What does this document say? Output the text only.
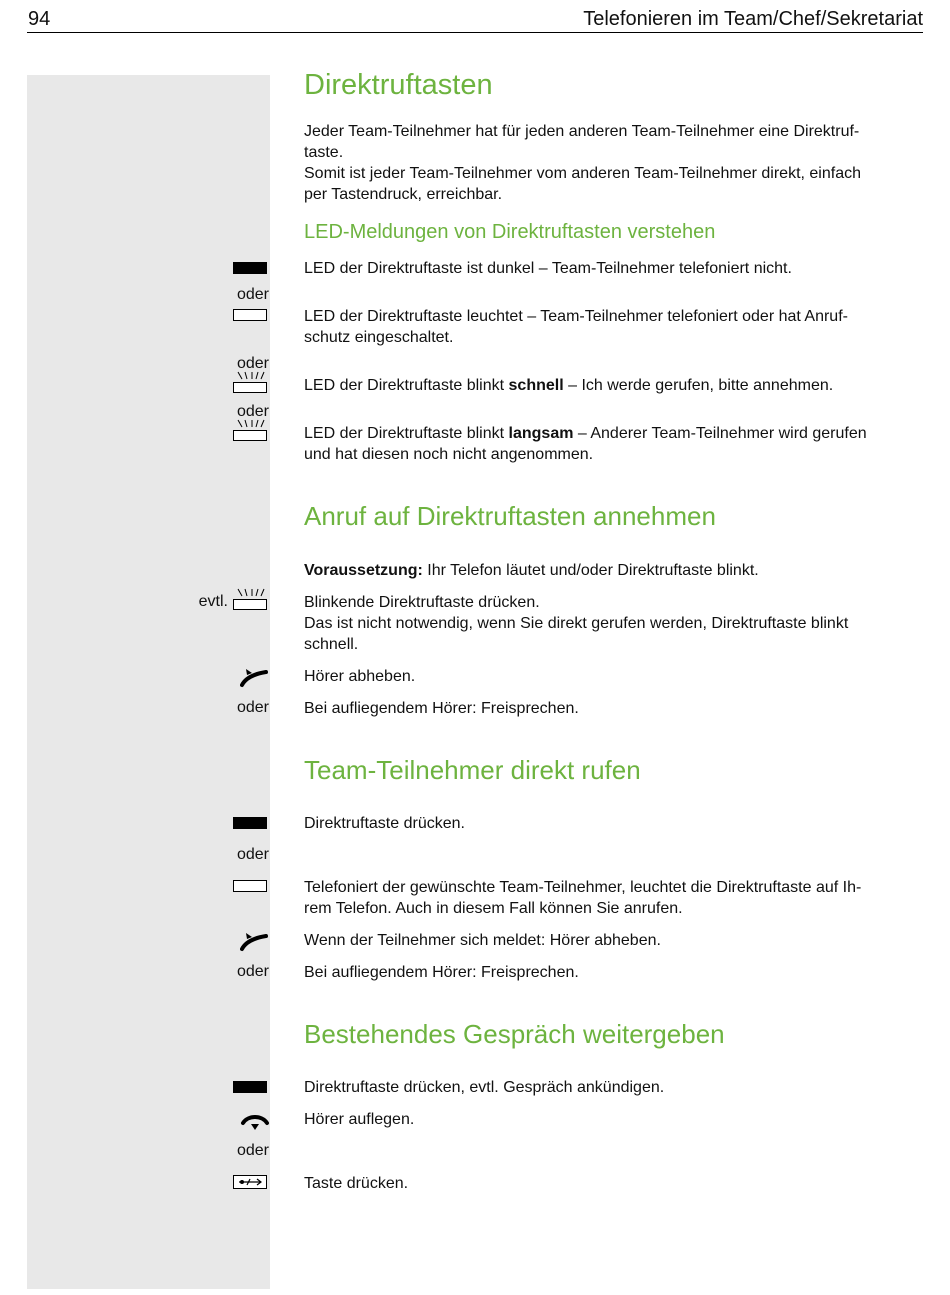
94	Telefonieren im Team/Chef/Sekretariat
Direktruftasten
Jeder Team-Teilnehmer hat für jeden anderen Team-Teilnehmer eine Direktruf-
taste.
Somit ist jeder Team-Teilnehmer vom anderen Team-Teilnehmer direkt, einfach
per Tastendruck, erreichbar.
LED-Meldungen von Direktruftasten verstehen
LED der Direktruftaste ist dunkel – Team-Teilnehmer telefoniert nicht.
oder
LED der Direktruftaste leuchtet – Team-Teilnehmer telefoniert oder hat Anruf-
schutz eingeschaltet.
oder
LED der Direktruftaste blinkt schnell – Ich werde gerufen, bitte annehmen.
oder
LED der Direktruftaste blinkt langsam – Anderer Team-Teilnehmer wird gerufen
und hat diesen noch nicht angenommen.
Anruf auf Direktruftasten annehmen
Voraussetzung: Ihr Telefon läutet und/oder Direktruftaste blinkt.
evtl.	Blinkende Direktruftaste drücken.
Das ist nicht notwendig, wenn Sie direkt gerufen werden, Direktruftaste blinkt
schnell.
Hörer abheben.
oder Bei aufliegendem Hörer: Freisprechen.
Team-Teilnehmer direkt rufen
Direktruftaste drücken.
oder
Telefoniert der gewünschte Team-Teilnehmer, leuchtet die Direktruftaste auf Ih-
rem Telefon. Auch in diesem Fall können Sie anrufen.
Wenn der Teilnehmer sich meldet: Hörer abheben.
oder Bei aufliegendem Hörer: Freisprechen.
Bestehendes Gespräch weitergeben
Direktruftaste drücken, evtl. Gespräch ankündigen.
Hörer auflegen.
oder
Taste drücken.
